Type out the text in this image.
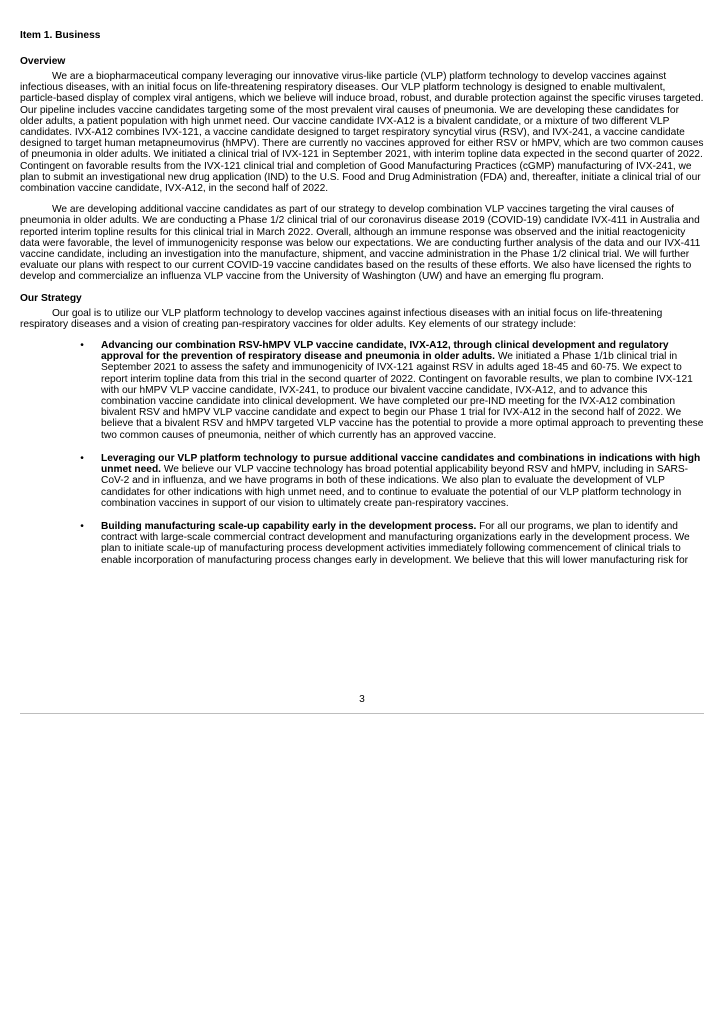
Item 1. Business

Overview

We are a biopharmaceutical company leveraging our innovative virus-like particle (VLP) platform technology to develop vaccines against infectious diseases, with an initial focus on life-threatening respiratory diseases. Our VLP platform technology is designed to enable multivalent, particle-based display of complex viral antigens, which we believe will induce broad, robust, and durable protection against the specific viruses targeted. Our pipeline includes vaccine candidates targeting some of the most prevalent viral causes of pneumonia. We are developing these candidates for older adults, a patient population with high unmet need. Our vaccine candidate IVX-A12 is a bivalent candidate, or a mixture of two different VLP candidates. IVX-A12 combines IVX-121, a vaccine candidate designed to target respiratory syncytial virus (RSV), and IVX-241, a vaccine candidate designed to target human metapneumovirus (hMPV). There are currently no vaccines approved for either RSV or hMPV, which are two common causes of pneumonia in older adults. We initiated a clinical trial of IVX-121 in September 2021, with interim topline data expected in the second quarter of 2022. Contingent on favorable results from the IVX-121 clinical trial and completion of Good Manufacturing Practices (cGMP) manufacturing of IVX-241, we plan to submit an investigational new drug application (IND) to the U.S. Food and Drug Administration (FDA) and, thereafter, initiate a clinical trial of our combination vaccine candidate, IVX-A12, in the second half of 2022.

We are developing additional vaccine candidates as part of our strategy to develop combination VLP vaccines targeting the viral causes of pneumonia in older adults. We are conducting a Phase 1/2 clinical trial of our coronavirus disease 2019 (COVID-19) candidate IVX-411 in Australia and reported interim topline results for this clinical trial in March 2022. Overall, although an immune response was observed and the initial reactogenicity data were favorable, the level of immunogenicity response was below our expectations. We are conducting further analysis of the data and our IVX-411 vaccine candidate, including an investigation into the manufacture, shipment, and vaccine administration in the Phase 1/2 clinical trial. We will further evaluate our plans with respect to our current COVID-19 vaccine candidates based on the results of these efforts. We also have licensed the rights to develop and commercialize an influenza VLP vaccine from the University of Washington (UW) and have an emerging flu program.

Our Strategy

Our goal is to utilize our VLP platform technology to develop vaccines against infectious diseases with an initial focus on life-threatening respiratory diseases and a vision of creating pan-respiratory vaccines for older adults. Key elements of our strategy include:

•	Advancing our combination RSV-hMPV VLP vaccine candidate, IVX-A12, through clinical development and regulatory approval for the prevention of respiratory disease and pneumonia in older adults. We initiated a Phase 1/1b clinical trial in September 2021 to assess the safety and immunogenicity of IVX-121 against RSV in adults aged 18-45 and 60-75. We expect to report interim topline data from this trial in the second quarter of 2022. Contingent on favorable results, we plan to combine IVX-121 with our hMPV VLP vaccine candidate, IVX-241, to produce our bivalent vaccine candidate, IVX-A12, and to advance this combination vaccine candidate into clinical development. We have completed our pre-IND meeting for the IVX-A12 combination bivalent RSV and hMPV VLP vaccine candidate and expect to begin our Phase 1 trial for IVX-A12 in the second half of 2022. We believe that a bivalent RSV and hMPV targeted VLP vaccine has the potential to provide a more optimal approach to preventing these two common causes of pneumonia, neither of which currently has an approved vaccine.
•	Leveraging our VLP platform technology to pursue additional vaccine candidates and combinations in indications with high unmet need. We believe our VLP vaccine technology has broad potential applicability beyond RSV and hMPV, including in SARS-CoV-2 and in influenza, and we have programs in both of these indications. We also plan to evaluate the development of VLP candidates for other indications with high unmet need, and to continue to evaluate the potential of our VLP platform technology in combination vaccines in support of our vision to ultimately create pan-respiratory vaccines.
•	Building manufacturing scale-up capability early in the development process. For all our programs, we plan to identify and contract with large-scale commercial contract development and manufacturing organizations early in the development process. We plan to initiate scale-up of manufacturing process development activities immediately following commencement of clinical trials to enable incorporation of manufacturing process changes early in development. We believe that this will lower manufacturing risk for
3
